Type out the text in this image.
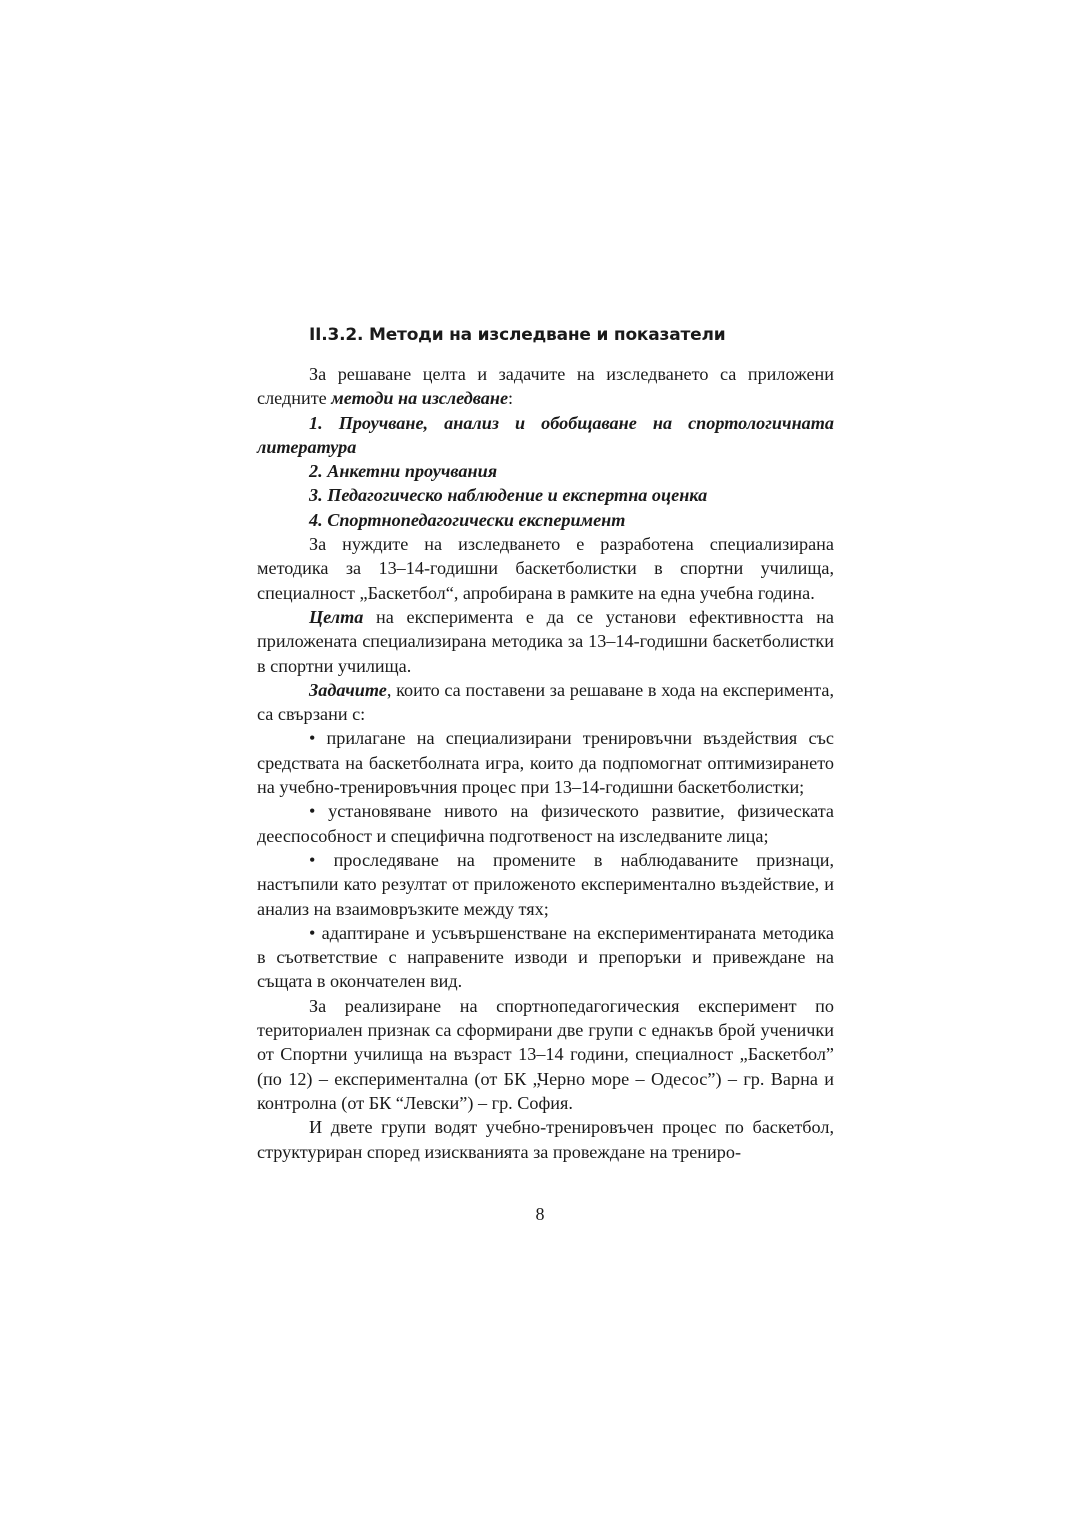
II.3.2. Методи на изследване и показатели

За решаване целта и задачите на изследването са приложени следните методи на изследване:

1. Проучване, анализ и обобщаване на спортологичната литература

2. Анкетни проучвания

3. Педагогическо наблюдение и експертна оценка

4. Спортнопедагогически експеримент

За нуждите на изследването е разработена специализирана методика за 13–14-годишни баскетболистки в спортни училища, специалност „Баскетбол“, апробирана в рамките на една учебна година.

Целта на експеримента е да се установи ефективността на приложената специализирана методика за 13–14-годишни баскетболистки в спортни училища.

Задачите, които са поставени за решаване в хода на експеримента, са свързани с:

• прилагане на специализирани тренировъчни въздействия със средствата на баскетболната игра, които да подпомогнат оптимизирането на учебно-тренировъчния процес при 13–14-годишни баскетболистки;

• установяване нивото на физическото развитие, физическата дееспособност и специфична подготвеност на изследваните лица;

• проследяване на промените в наблюдаваните признаци, настъпили като резултат от приложеното експериментално въздействие, и анализ на взаимовръзките между тях;

• адаптиране и усъвършенстване на експериментираната методика в съответствие с направените изводи и препоръки и привеждане на същата в окончателен вид.

За реализиране на спортнопедагогическия експеримент по териториален признак са сформирани две групи с еднакъв брой ученички от Спортни училища на възраст 13–14 години, специалност „Баскетбол” (по 12) – експериментална (от БК „Черно море – Одесос”) – гр. Варна и контролна (от БК “Левски”) – гр. София.

И двете групи водят учебно-тренировъчен процес по баскетбол, структуриран според изискванията за провеждане на трениро-

8
